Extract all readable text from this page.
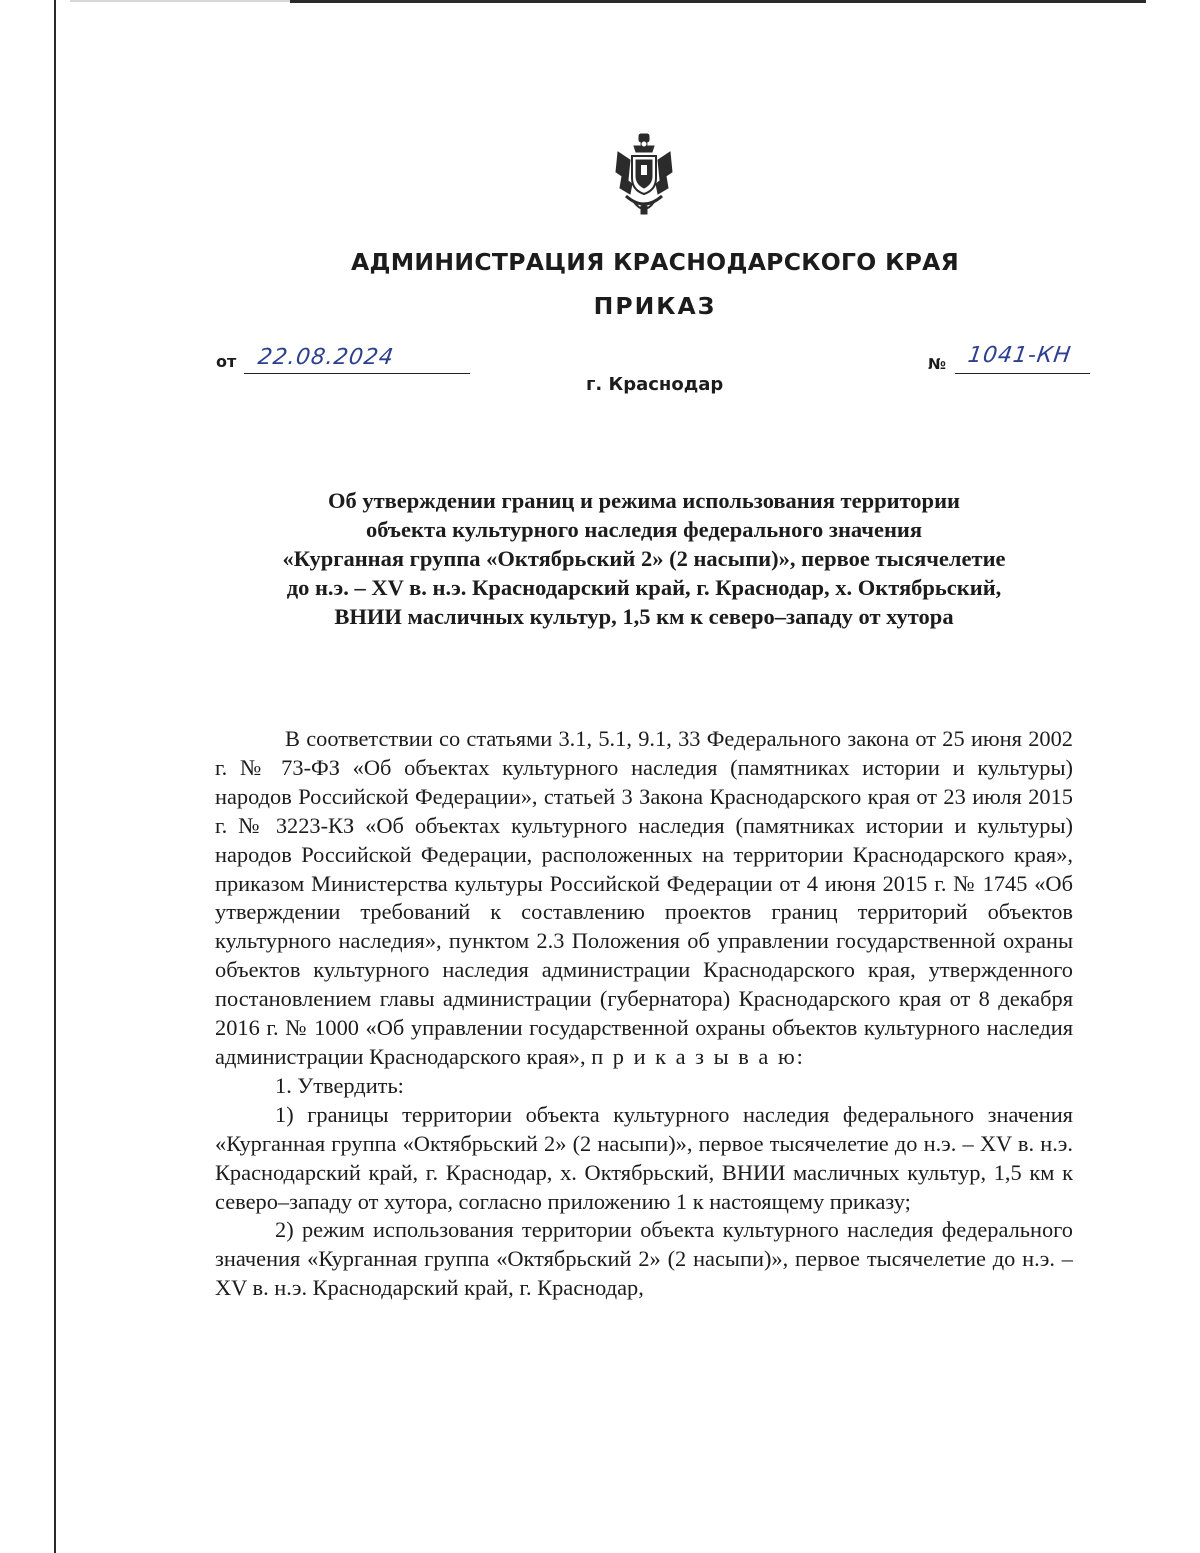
АДМИНИСТРАЦИЯ КРАСНОДАРСКОГО КРАЯ
ПРИКАЗ
от 22.08.2024
г. Краснодар
№ 1041-КН
Об утверждении границ и режима использования территории
объекта культурного наследия федерального значения
«Курганная группа «Октябрьский 2» (2 насыпи)», первое тысячелетие
до н.э. – XV в. н.э. Краснодарский край, г. Краснодар, х. Октябрьский,
ВНИИ масличных культур, 1,5 км к северо–западу от хутора

В соответствии со статьями 3.1, 5.1, 9.1, 33 Федерального закона от 25 июня 2002 г. № 73-ФЗ «Об объектах культурного наследия (памятниках истории и культуры) народов Российской Федерации», статьей 3 Закона Краснодарского края от 23 июля 2015 г. № 3223-КЗ «Об объектах культурного наследия (памятниках истории и культуры) народов Российской Федерации, расположенных на территории Краснодарского края», приказом Министерства культуры Российской Федерации от 4 июня 2015 г. № 1745 «Об утверждении требований к составлению проектов границ территорий объектов культурного наследия», пунктом 2.3 Положения об управлении государственной охраны объектов культурного наследия администрации Краснодарского края, утвержденного постановлением главы администрации (губернатора) Краснодарского края от 8 декабря 2016 г. № 1000 «Об управлении государственной охраны объектов культурного наследия администрации Краснодарского края», п р и к а з ы в а ю:

1. Утвердить:

1) границы территории объекта культурного наследия федерального значения «Курганная группа «Октябрьский 2» (2 насыпи)», первое тысячелетие до н.э. – XV в. н.э. Краснодарский край, г. Краснодар, х. Октябрьский, ВНИИ масличных культур, 1,5 км к северо–западу от хутора, согласно приложению 1 к настоящему приказу;

2) режим использования территории объекта культурного наследия федерального значения «Курганная группа «Октябрьский 2» (2 насыпи)», первое тысячелетие до н.э. – XV в. н.э. Краснодарский край, г. Краснодар,
